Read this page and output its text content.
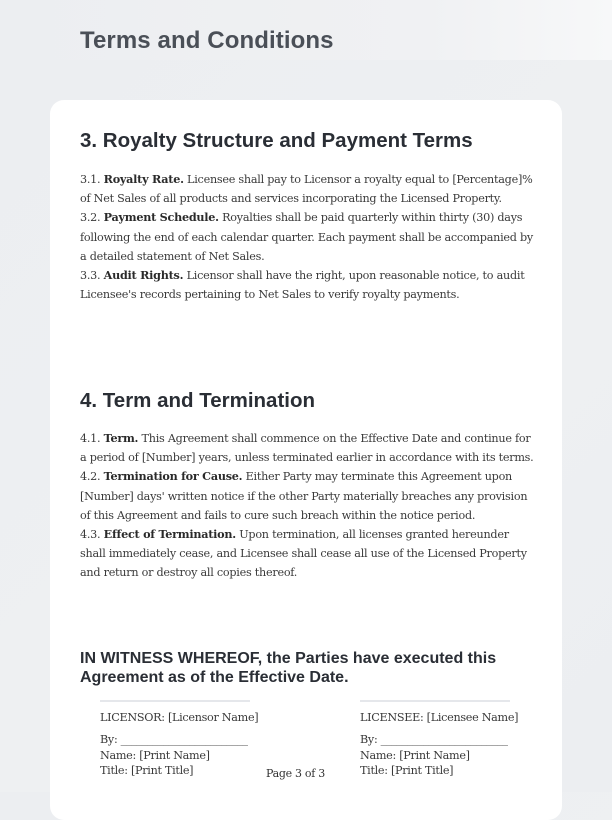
Terms and Conditions
3. Royalty Structure and Payment Terms

3.1. Royalty Rate. Licensee shall pay to Licensor a royalty equal to [Percentage]% of Net Sales of all products and services incorporating the Licensed Property.

3.2. Payment Schedule. Royalties shall be paid quarterly within thirty (30) days following the end of each calendar quarter. Each payment shall be accompanied by a detailed statement of Net Sales.

3.3. Audit Rights. Licensor shall have the right, upon reasonable notice, to audit Licensee's records pertaining to Net Sales to verify royalty payments.

4. Term and Termination

4.1. Term. This Agreement shall commence on the Effective Date and continue for a period of [Number] years, unless terminated earlier in accordance with its terms.

4.2. Termination for Cause. Either Party may terminate this Agreement upon [Number] days' written notice if the other Party materially breaches any provision of this Agreement and fails to cure such breach within the notice period.

4.3. Effect of Termination. Upon termination, all licenses granted hereunder shall immediately cease, and Licensee shall cease all use of the Licensed Property and return or destroy all copies thereof.

IN WITNESS WHEREOF, the Parties have executed this Agreement as of the Effective Date.

LICENSOR: [Licensor Name]
By: ________________________
Name: [Print Name]
Title: [Print Title]
LICENSEE: [Licensee Name]
By: ________________________
Name: [Print Name]
Title: [Print Title]
Page 3 of 3
